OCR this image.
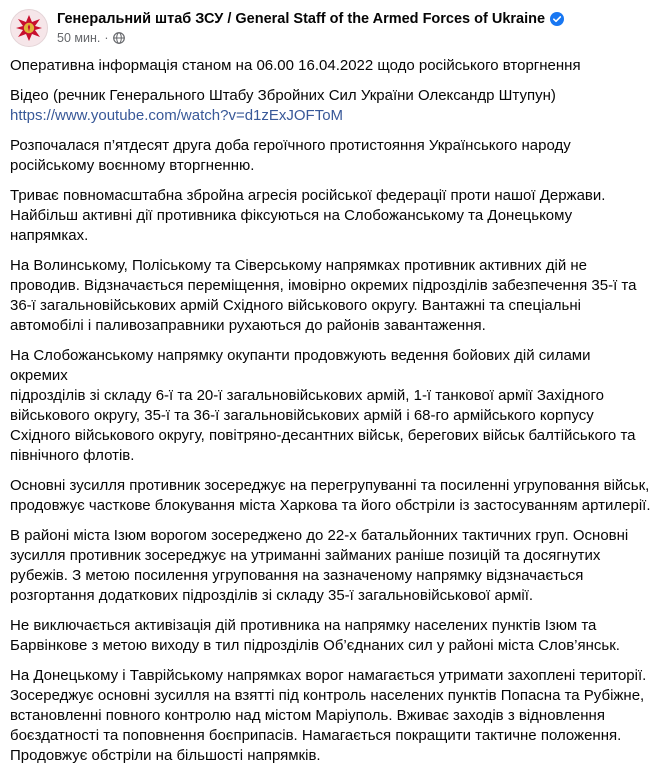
Генеральний штаб ЗСУ / General Staff of the Armed Forces of Ukraine
50 мин. ·

Оперативна інформація станом на 06.00 16.04.2022 щодо російського вторгнення

Відео (речник Генерального Штабу Збройних Сил України Олександр Штупун)

https://www.youtube.com/watch?v=d1zExJOFToM

Розпочалася п’ятдесят друга доба героїчного протистояння Українського народу
російському воєнному вторгненню.

Триває повномасштабна збройна агресія російської федерації проти нашої Держави.
Найбільш активні дії противника фіксуються на Слобожанському та Донецькому напрямках.

На Волинському, Поліському та Сіверському напрямках противник активних дій не
проводив. Відзначається переміщення, імовірно окремих підрозділів забезпечення 35-ї та
36-ї загальновійськових армій Східного військового округу. Вантажні та спеціальні
автомобілі і паливозаправники рухаються до районів завантаження.

На Слобожанському напрямку окупанти продовжують ведення бойових дій силами окремих
підрозділів зі складу 6-ї та 20-ї загальновійськових армій, 1-ї танкової армії Західного
військового округу, 35-ї та 36-ї загальновійськових армій і 68-го армійського корпусу
Східного військового округу, повітряно-десантних військ, берегових військ балтійського та
північного флотів.

Основні зусилля противник зосереджує на перегрупуванні та посиленні угруповання військ,
продовжує часткове блокування міста Харкова та його обстріли із застосуванням артилерії.

В районі міста Ізюм ворогом зосереджено до 22-х батальйонних тактичних груп. Основні
зусилля противник зосереджує на утриманні займаних раніше позицій та досягнутих
рубежів. З метою посилення угруповання на зазначеному напрямку відзначається
розгортання додаткових підрозділів зі складу 35-ї загальновійськової армії.

Не виключається активізація дій противника на напрямку населених пунктів Ізюм та
Барвінкове з метою виходу в тил підрозділів Об’єднаних сил у районі міста Слов’янськ.

На Донецькому і Таврійському напрямках ворог намагається утримати захоплені території.
Зосереджує основні зусилля на взятті під контроль населених пунктів Попасна та Рубіжне,
встановленні повного контролю над містом Маріуполь. Вживає заходів з відновлення
боєздатності та поповнення боєприпасів. Намагається покращити тактичне положення.
Продовжує обстріли на більшості напрямків.
